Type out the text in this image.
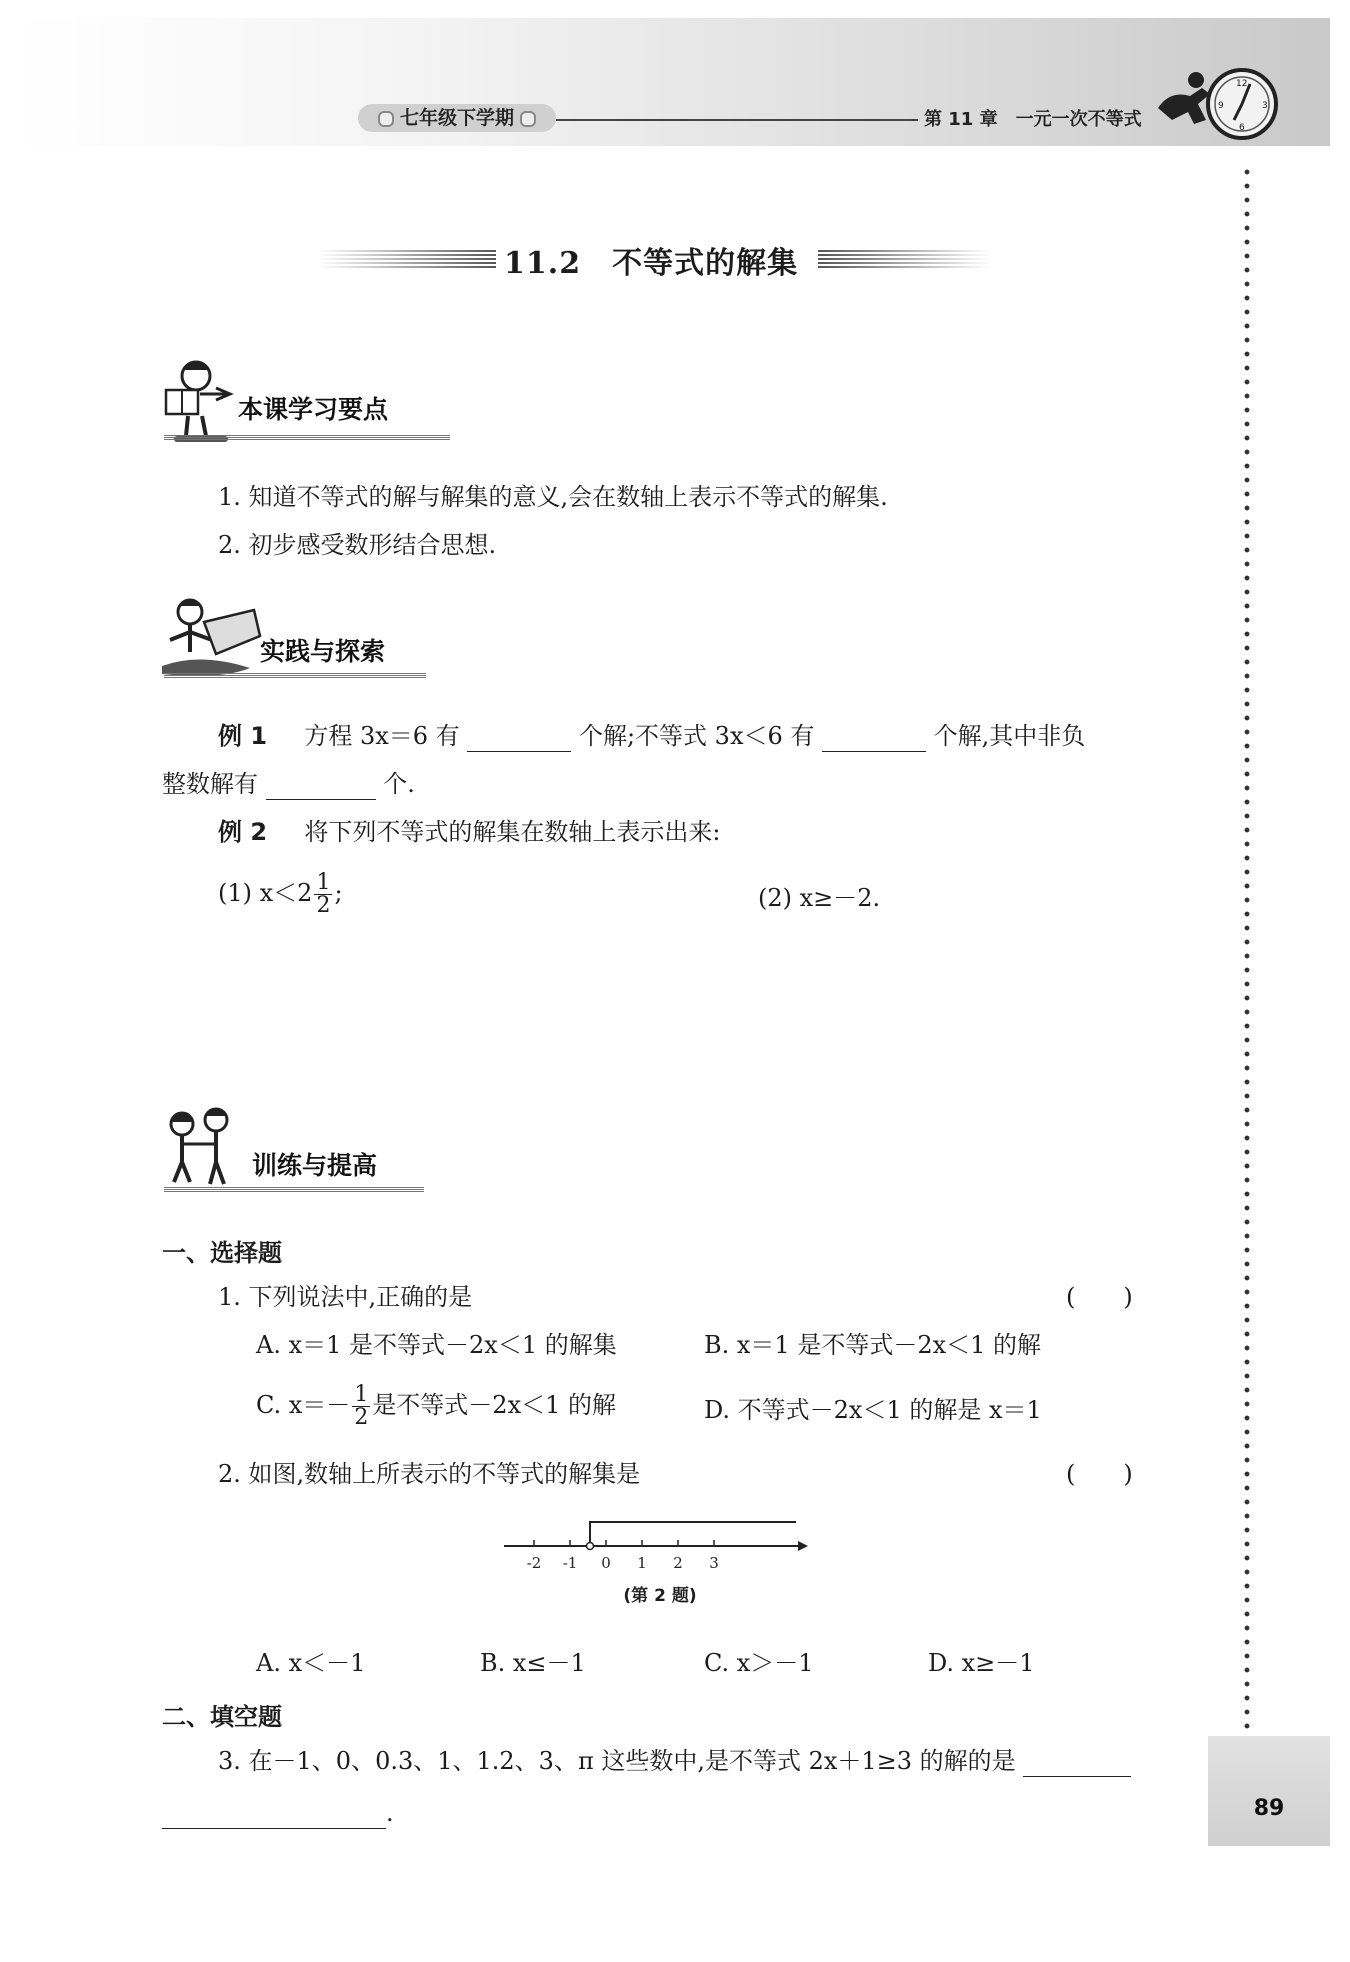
七年级下学期	第 11 章　一元一次不等式
12
3
6
9
11.2　不等式的解集
本课学习要点
1. 知道不等式的解与解集的意义,会在数轴上表示不等式的解集.
2. 初步感受数形结合思想.
实践与探索
例 1 方程 3x＝6 有	个解;不等式 3x＜6 有	个解,其中非负
整数解有	个.
例 2 将下列不等式的解集在数轴上表示出来:
(1) $x<2 \frac{1}{2}$ ;	(2) x≥－2.
训练与提高
一、选择题
1. 下列说法中,正确的是	(　　)
A. x＝1 是不等式－2x＜1 的解集	B. x＝1 是不等式－2x＜1 的解
C. $x=- \frac{1}{2}$ 是不等式－2x＜1 的解	D. 不等式－2x＜1 的解是 x＝1
2. 如图,数轴上所表示的不等式的解集是	(　　)
-2 -1 0 1 2 3
(第 2 题)
A. x＜－1	B. x≤－1	C. x＞－1	D. x≥－1
二、填空题
3. 在－1、0、0.3、1、1.2、3、π 这些数中,是不等式 2x＋1≥3 的解的是
.	89
